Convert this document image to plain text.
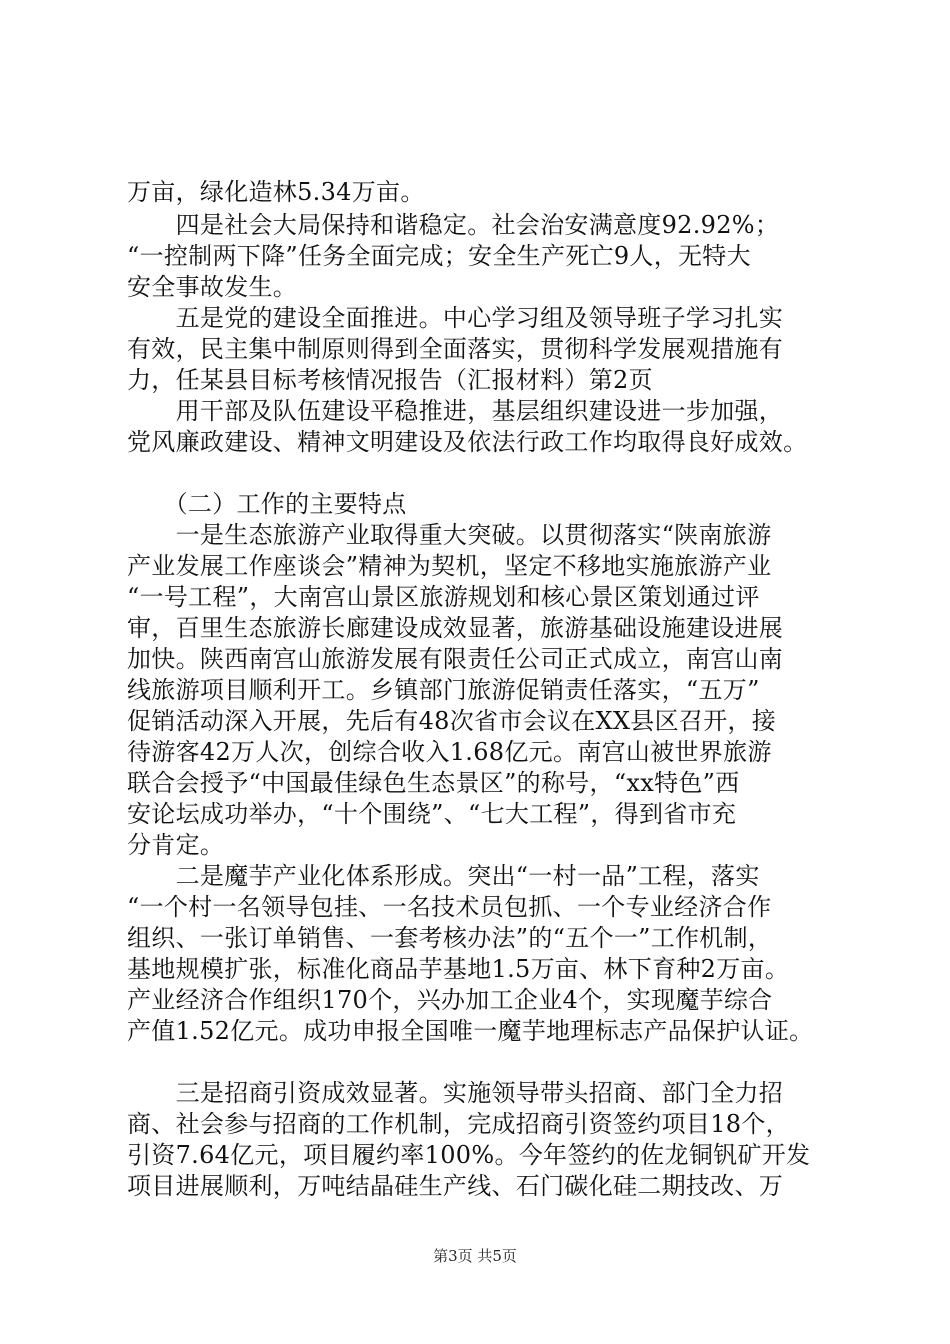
万亩，绿化造林5.34万亩。
　　四是社会大局保持和谐稳定。社会治安满意度92.92%；
“一控制两下降”任务全面完成；安全生产死亡9人，无特大
安全事故发生。
　　五是党的建设全面推进。中心学习组及领导班子学习扎实
有效，民主集中制原则得到全面落实，贯彻科学发展观措施有
力，任某县目标考核情况报告（汇报材料）第2页
　　用干部及队伍建设平稳推进，基层组织建设进一步加强，
党风廉政建设、精神文明建设及依法行政工作均取得良好成效。
　　（二）工作的主要特点
　　一是生态旅游产业取得重大突破。以贯彻落实“陕南旅游
产业发展工作座谈会”精神为契机，坚定不移地实施旅游产业
“一号工程”，大南宫山景区旅游规划和核心景区策划通过评
审，百里生态旅游长廊建设成效显著，旅游基础设施建设进展
加快。陕西南宫山旅游发展有限责任公司正式成立，南宫山南
线旅游项目顺利开工。乡镇部门旅游促销责任落实，“五万”
促销活动深入开展，先后有48次省市会议在XX县区召开，接
待游客42万人次，创综合收入1.68亿元。南宫山被世界旅游
联合会授予“中国最佳绿色生态景区”的称号，“xx特色”西
安论坛成功举办，“十个围绕”、“七大工程”，得到省市充
分肯定。
　　二是魔芋产业化体系形成。突出“一村一品”工程，落实
“一个村一名领导包挂、一名技术员包抓、一个专业经济合作
组织、一张订单销售、一套考核办法”的“五个一”工作机制，
基地规模扩张，标准化商品芋基地1.5万亩、林下育种2万亩。
产业经济合作组织170个，兴办加工企业4个，实现魔芋综合
产值1.52亿元。成功申报全国唯一魔芋地理标志产品保护认证。
　　三是招商引资成效显著。实施领导带头招商、部门全力招
商、社会参与招商的工作机制，完成招商引资签约项目18个，
引资7.64亿元，项目履约率100%。今年签约的佐龙铜钒矿开发
项目进展顺利，万吨结晶硅生产线、石门碳化硅二期技改、万
第3页 共5页
